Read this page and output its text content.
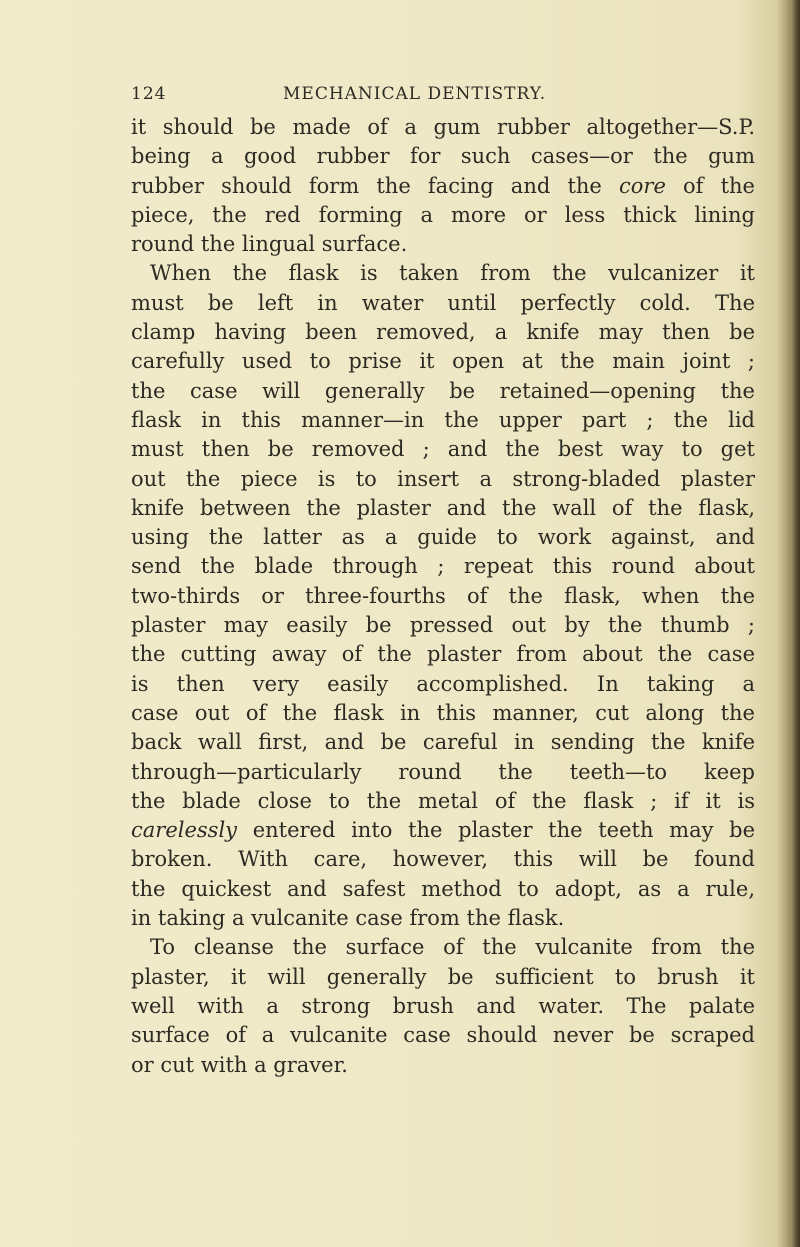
124	MECHANICAL DENTISTRY.
it should be made of a gum rubber altogether—S.P.
being a good rubber for such cases—or the gum
rubber should form the facing and the core of the
piece, the red forming a more or less thick lining
round the lingual surface.
When the flask is taken from the vulcanizer it
must be left in water until perfectly cold. The
clamp having been removed, a knife may then be
carefully used to prise it open at the main joint ;
the case will generally be retained—opening the
flask in this manner—in the upper part ; the lid
must then be removed ; and the best way to get
out the piece is to insert a strong-bladed plaster
knife between the plaster and the wall of the flask,
using the latter as a guide to work against, and
send the blade through ; repeat this round about
two-thirds or three-fourths of the flask, when the
plaster may easily be pressed out by the thumb ;
the cutting away of the plaster from about the case
is then very easily accomplished. In taking a
case out of the flask in this manner, cut along the
back wall first, and be careful in sending the knife
through—particularly round the teeth—to keep
the blade close to the metal of the flask ; if it is
carelessly entered into the plaster the teeth may be
broken. With care, however, this will be found
the quickest and safest method to adopt, as a rule,
in taking a vulcanite case from the flask.
To cleanse the surface of the vulcanite from the
plaster, it will generally be sufficient to brush it
well with a strong brush and water. The palate
surface of a vulcanite case should never be scraped
or cut with a graver.
